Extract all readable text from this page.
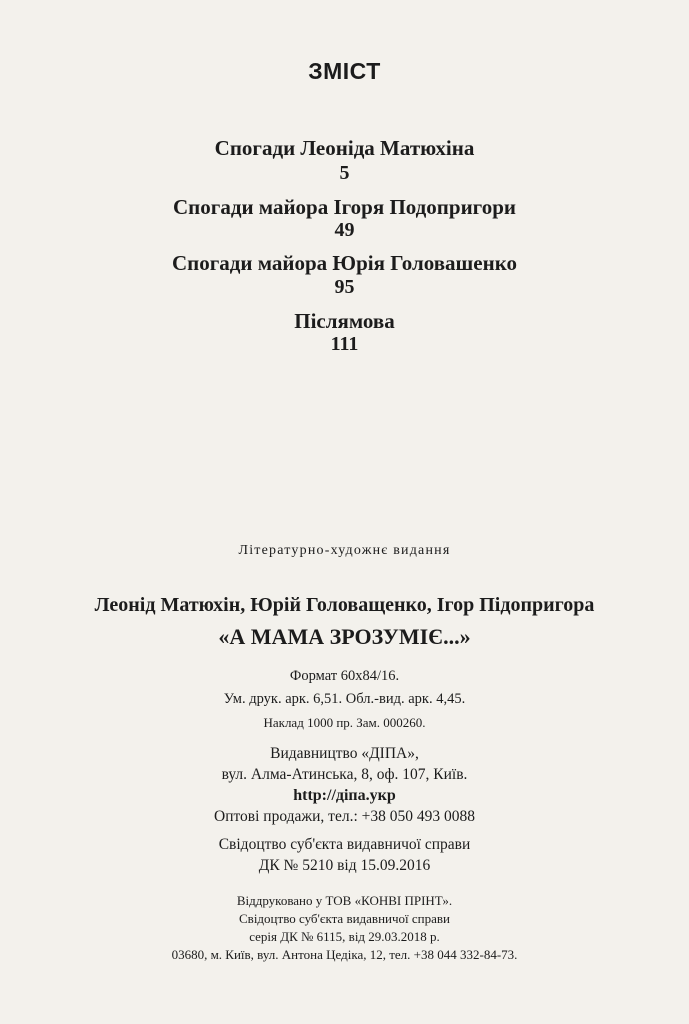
ЗМІСТ
Спогади Леоніда Матюхіна
5
Спогади майора Ігоря Подопригори
49
Спогади майора Юрія Головашенко
95
Післямова
111
Літературно-художнє видання
Леонід Матюхін, Юрій Головащенко, Ігор Підопригора
«А МАМА ЗРОЗУМІЄ...»
Формат 60х84/16.
Ум. друк. арк. 6,51. Обл.-вид. арк. 4,45.
Наклад 1000 пр. Зам. 000260.
Видавництво «ДІПА»,
вул. Алма-Атинська, 8, оф. 107, Київ.
http://діпа.укр
Оптові продажи, тел.: +38 050 493 0088
Свідоцтво суб'єкта видавничої справи
ДК № 5210 від 15.09.2016
Віддруковано у ТОВ «КОНВІ ПРІНТ».
Свідоцтво суб'єкта видавничої справи
серія ДК № 6115, від 29.03.2018 р.
03680, м. Київ, вул. Антона Цедіка, 12, тел. +38 044 332-84-73.
